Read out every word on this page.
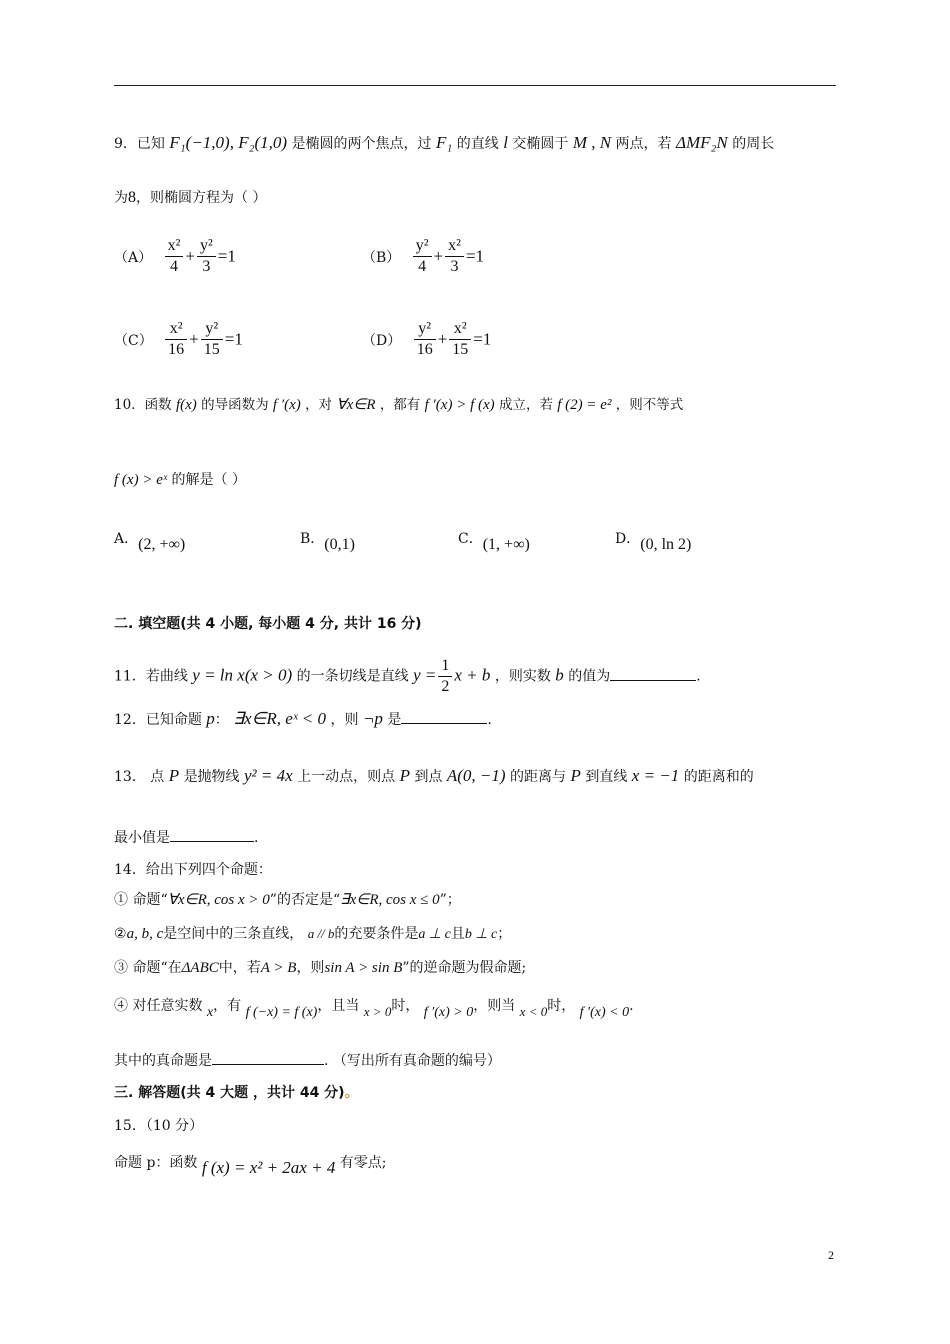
9．已知 F₁(−1,0), F₂(1,0) 是椭圆的两个焦点，过 F₁ 的直线 l 交椭圆于 M , N 两点，若 ΔMF₂N 的周长
为8，则椭圆方程为（ ）
$(A) \frac{\text{x²}}{4} + \frac{\text{y²}}{3} =1$	$(B) \frac{\text{y²}}{4} + \frac{\text{x²}}{3} =1$
$(C) \frac{\text{x²}}{16} + \frac{\text{y²}}{15} =1$	$(D) \frac{\text{y²}}{16} + \frac{\text{x²}}{15} =1$
10．函数 f(x) 的导函数为 f ′(x) ，对 ∀x∈R ，都有 f ′(x) > f (x) 成立，若 f (2) = e² ，则不等式
f (x) > eˣ 的解是（ ）
A．(2, +∞)	B．(0,1)	C．(1, +∞)	D．(0, ln 2)
二. 填空题(共 4 小题, 每小题 4 分, 共计 16 分)
11．若曲线 y = ln x(x > 0) 的一条切线是直线 $y = \frac{1}{2}$ x + b ，则实数 b 的值为	.
12．已知命题 p： ∃x∈R, eˣ < 0 ，则 ¬p 是	.
13． 点 P 是抛物线 y² = 4x 上一动点，则点 P 到点 A(0, −1) 的距离与 P 到直线 x = −1 的距离和的
最小值是	.
14．给出下列四个命题：
① 命题“∀x∈R, cos x > 0”的否定是“∃x∈R, cos x ≤ 0”；
②a, b, c是空间中的三条直线， a // b的充要条件是a ⊥ c且b ⊥ c；
③ 命题“在ΔABC中，若A > B，则sin A > sin B”的逆命题为假命题;
④ 对任意实数 x，有 f (−x) = f (x)，且当 x > 0时， f ′(x) > 0，则当 x < 0时， f ′(x) < 0.
其中的真命题是	. （写出所有真命题的编号）
三. 解答题(共 4 大题 ，共计 44 分)。
15．（10 分）
命题 p：函数 f (x) = x² + 2ax + 4 有零点;
2
